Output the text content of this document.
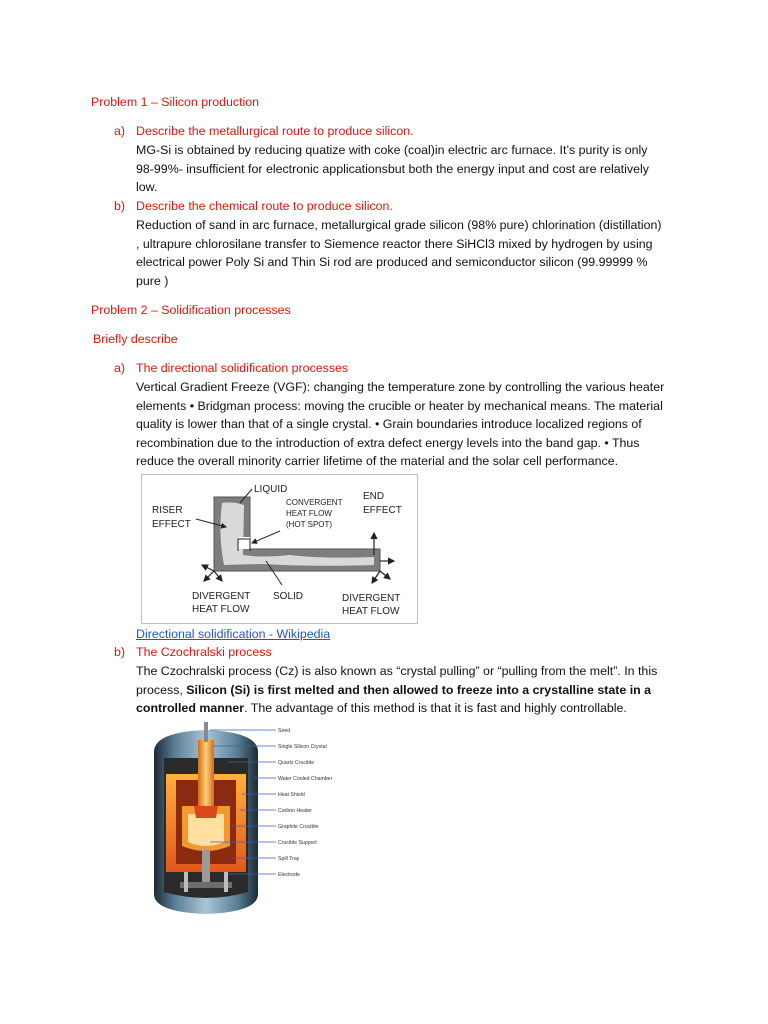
Problem 1 – Silicon production
a) Describe the metallurgical route to produce silicon.
MG-Si is obtained by reducing quatize with coke (coal)in electric arc furnace. It’s purity is only
98-99%- insufficient for electronic applicationsbut both the energy input and cost are relatively
low.
b) Describe the chemical route to produce silicon.
Reduction of sand in arc furnace, metallurgical grade silicon (98% pure) chlorination (distillation)
, ultrapure chlorosilane transfer to Siemence reactor there SiHCl3 mixed by hydrogen by using
electrical power Poly Si and Thin Si rod are produced and semiconductor silicon (99.99999 %
pure )
Problem 2 – Solidification processes
Briefly describe
a) The directional solidification processes
Vertical Gradient Freeze (VGF): changing the temperature zone by controlling the various heater
elements • Bridgman process: moving the crucible or heater by mechanical means. The material
quality is lower than that of a single crystal. • Grain boundaries introduce localized regions of
recombination due to the introduction of extra defect energy levels into the band gap. • Thus
reduce the overall minority carrier lifetime of the material and the solar cell performance.
LIQUID
RISER
EFFECT
CONVERGENT
HEAT FLOW
(HOT SPOT)
END
EFFECT
DIVERGENT
HEAT FLOW
SOLID	DIVERGENT
HEAT FLOW
Directional solidification - Wikipedia
b) The Czochralski process
The Czochralski process (Cz) is also known as “crystal pulling” or “pulling from the melt”. In this
process, Silicon (Si) is first melted and then allowed to freeze into a crystalline state in a
controlled manner. The advantage of this method is that it is fast and highly controllable.
Seed
Single Silicon Crystal
Quartz Crucible
Water Cooled Chamber
Heat Shield
Carbon Heater
Graphite Crucible
Crucible Support
Spill Tray
Electrode
